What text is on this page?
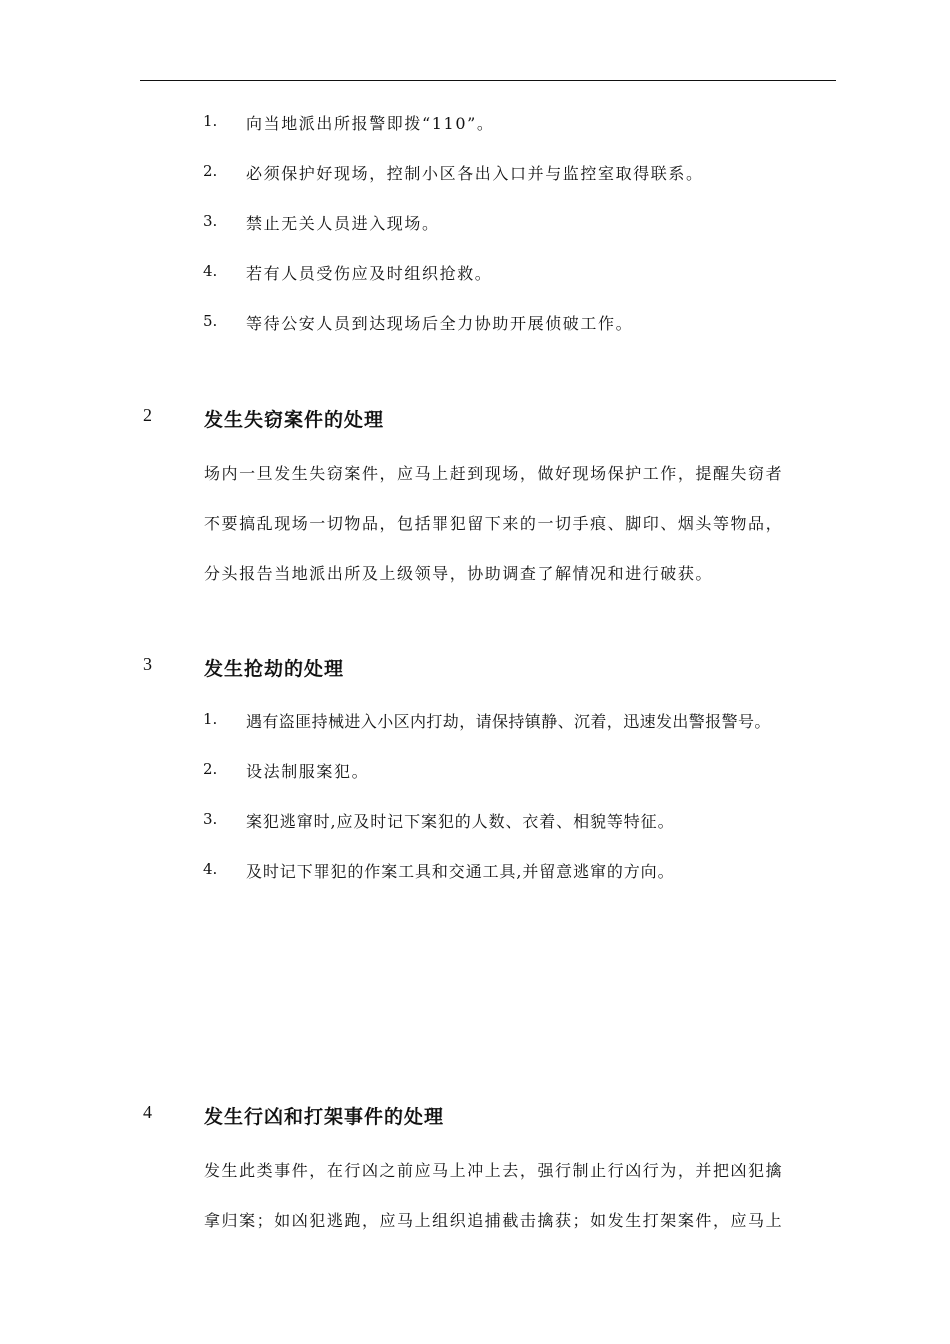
1. 向当地派出所报警即拨“110”。
2. 必须保护好现场，控制小区各出入口并与监控室取得联系。
3. 禁止无关人员进入现场。
4. 若有人员受伤应及时组织抢救。
5. 等待公安人员到达现场后全力协助开展侦破工作。
2	发生失窃案件的处理
场内一旦发生失窃案件，应马上赶到现场，做好现场保护工作，提醒失窃者
不要搞乱现场一切物品，包括罪犯留下来的一切手痕、脚印、烟头等物品，
分头报告当地派出所及上级领导，协助调查了解情况和进行破获。
3	发生抢劫的处理
1. 遇有盗匪持械进入小区内打劫，请保持镇静、沉着，迅速发出警报警号。
2. 设法制服案犯。
3. 案犯逃窜时,应及时记下案犯的人数、衣着、相貌等特征。
4. 及时记下罪犯的作案工具和交通工具,并留意逃窜的方向。
4	发生行凶和打架事件的处理
发生此类事件，在行凶之前应马上冲上去，强行制止行凶行为，并把凶犯擒
拿归案；如凶犯逃跑，应马上组织追捕截击擒获；如发生打架案件，应马上
